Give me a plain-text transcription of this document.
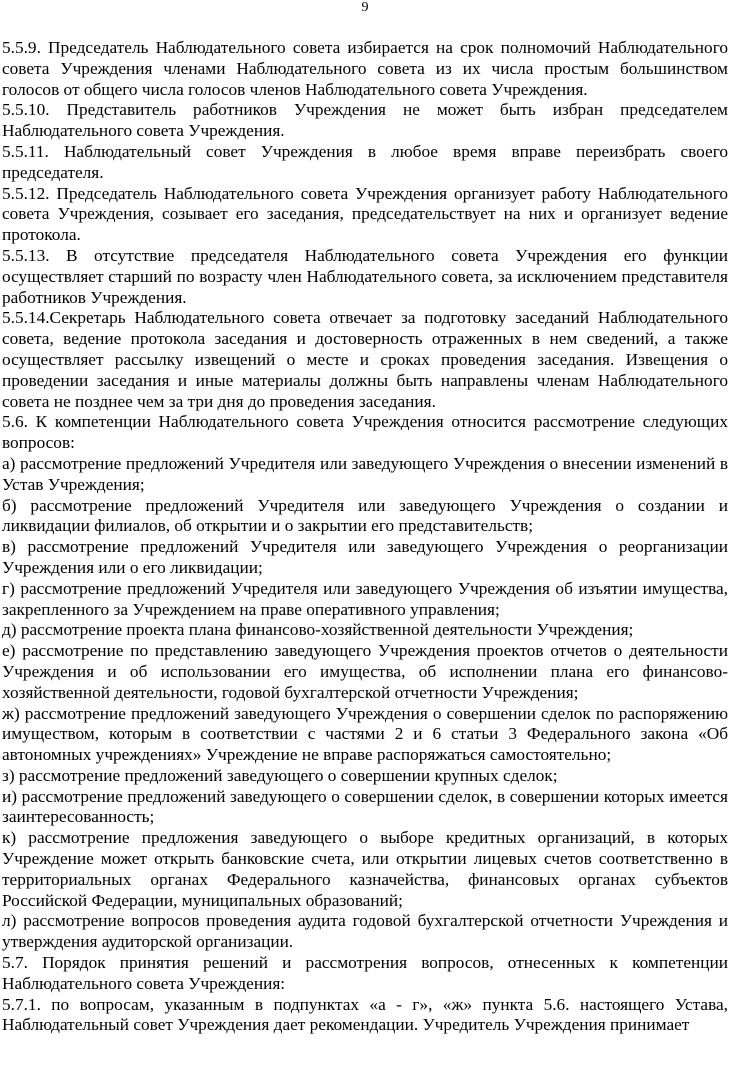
9

5.5.9. Председатель Наблюдательного совета избирается на срок полномочий Наблюдательного совета Учреждения членами Наблюдательного совета из их числа простым большинством голосов от общего числа голосов членов Наблюдательного совета Учреждения.

5.5.10. Представитель работников Учреждения не может быть избран председателем Наблюдательного совета Учреждения.

5.5.11. Наблюдательный совет Учреждения в любое время вправе переизбрать своего председателя.

5.5.12. Председатель Наблюдательного совета Учреждения организует работу Наблюдательного совета Учреждения, созывает его заседания, председательствует на них и организует ведение протокола.

5.5.13. В отсутствие председателя Наблюдательного совета Учреждения его функции осуществляет старший по возрасту член Наблюдательного совета, за исключением представителя работников Учреждения.

5.5.14.Секретарь Наблюдательного совета отвечает за подготовку заседаний Наблюдательного совета, ведение протокола заседания и достоверность отраженных в нем сведений, а также осуществляет рассылку извещений о месте и сроках проведения заседания. Извещения о проведении заседания и иные материалы должны быть направлены членам Наблюдательного совета не позднее чем за три дня до проведения заседания.

5.6. К компетенции Наблюдательного совета Учреждения относится рассмотрение следующих вопросов:

а) рассмотрение предложений Учредителя или заведующего Учреждения о внесении изменений в Устав Учреждения;

б) рассмотрение предложений Учредителя или заведующего Учреждения о создании и ликвидации филиалов, об открытии и о закрытии его представительств;

в) рассмотрение предложений Учредителя или заведующего Учреждения о реорганизации Учреждения или о его ликвидации;

г) рассмотрение предложений Учредителя или заведующего Учреждения об изъятии имущества, закрепленного за Учреждением на праве оперативного управления;

д) рассмотрение проекта плана финансово-хозяйственной деятельности Учреждения;

е) рассмотрение по представлению заведующего Учреждения проектов отчетов о деятельности Учреждения и об использовании его имущества, об исполнении плана его финансово-хозяйственной деятельности, годовой бухгалтерской отчетности Учреждения;

ж) рассмотрение предложений заведующего Учреждения о совершении сделок по распоряжению имуществом, которым в соответствии с частями 2 и 6 статьи 3 Федерального закона «Об автономных учреждениях» Учреждение не вправе распоряжаться самостоятельно;

з) рассмотрение предложений заведующего о совершении крупных сделок;

и) рассмотрение предложений заведующего о совершении сделок, в совершении которых имеется заинтересованность;

к) рассмотрение предложения заведующего о выборе кредитных организаций, в которых Учреждение может открыть банковские счета, или открытии лицевых счетов соответственно в территориальных органах Федерального казначейства, финансовых органах субъектов Российской Федерации, муниципальных образований;

л) рассмотрение вопросов проведения аудита годовой бухгалтерской отчетности Учреждения и утверждения аудиторской организации.

5.7. Порядок принятия решений и рассмотрения вопросов, отнесенных к компетенции Наблюдательного совета Учреждения:

5.7.1. по вопросам, указанным в подпунктах «а - г», «ж» пункта 5.6. настоящего Устава, Наблюдательный совет Учреждения дает рекомендации. Учредитель Учреждения принимает
